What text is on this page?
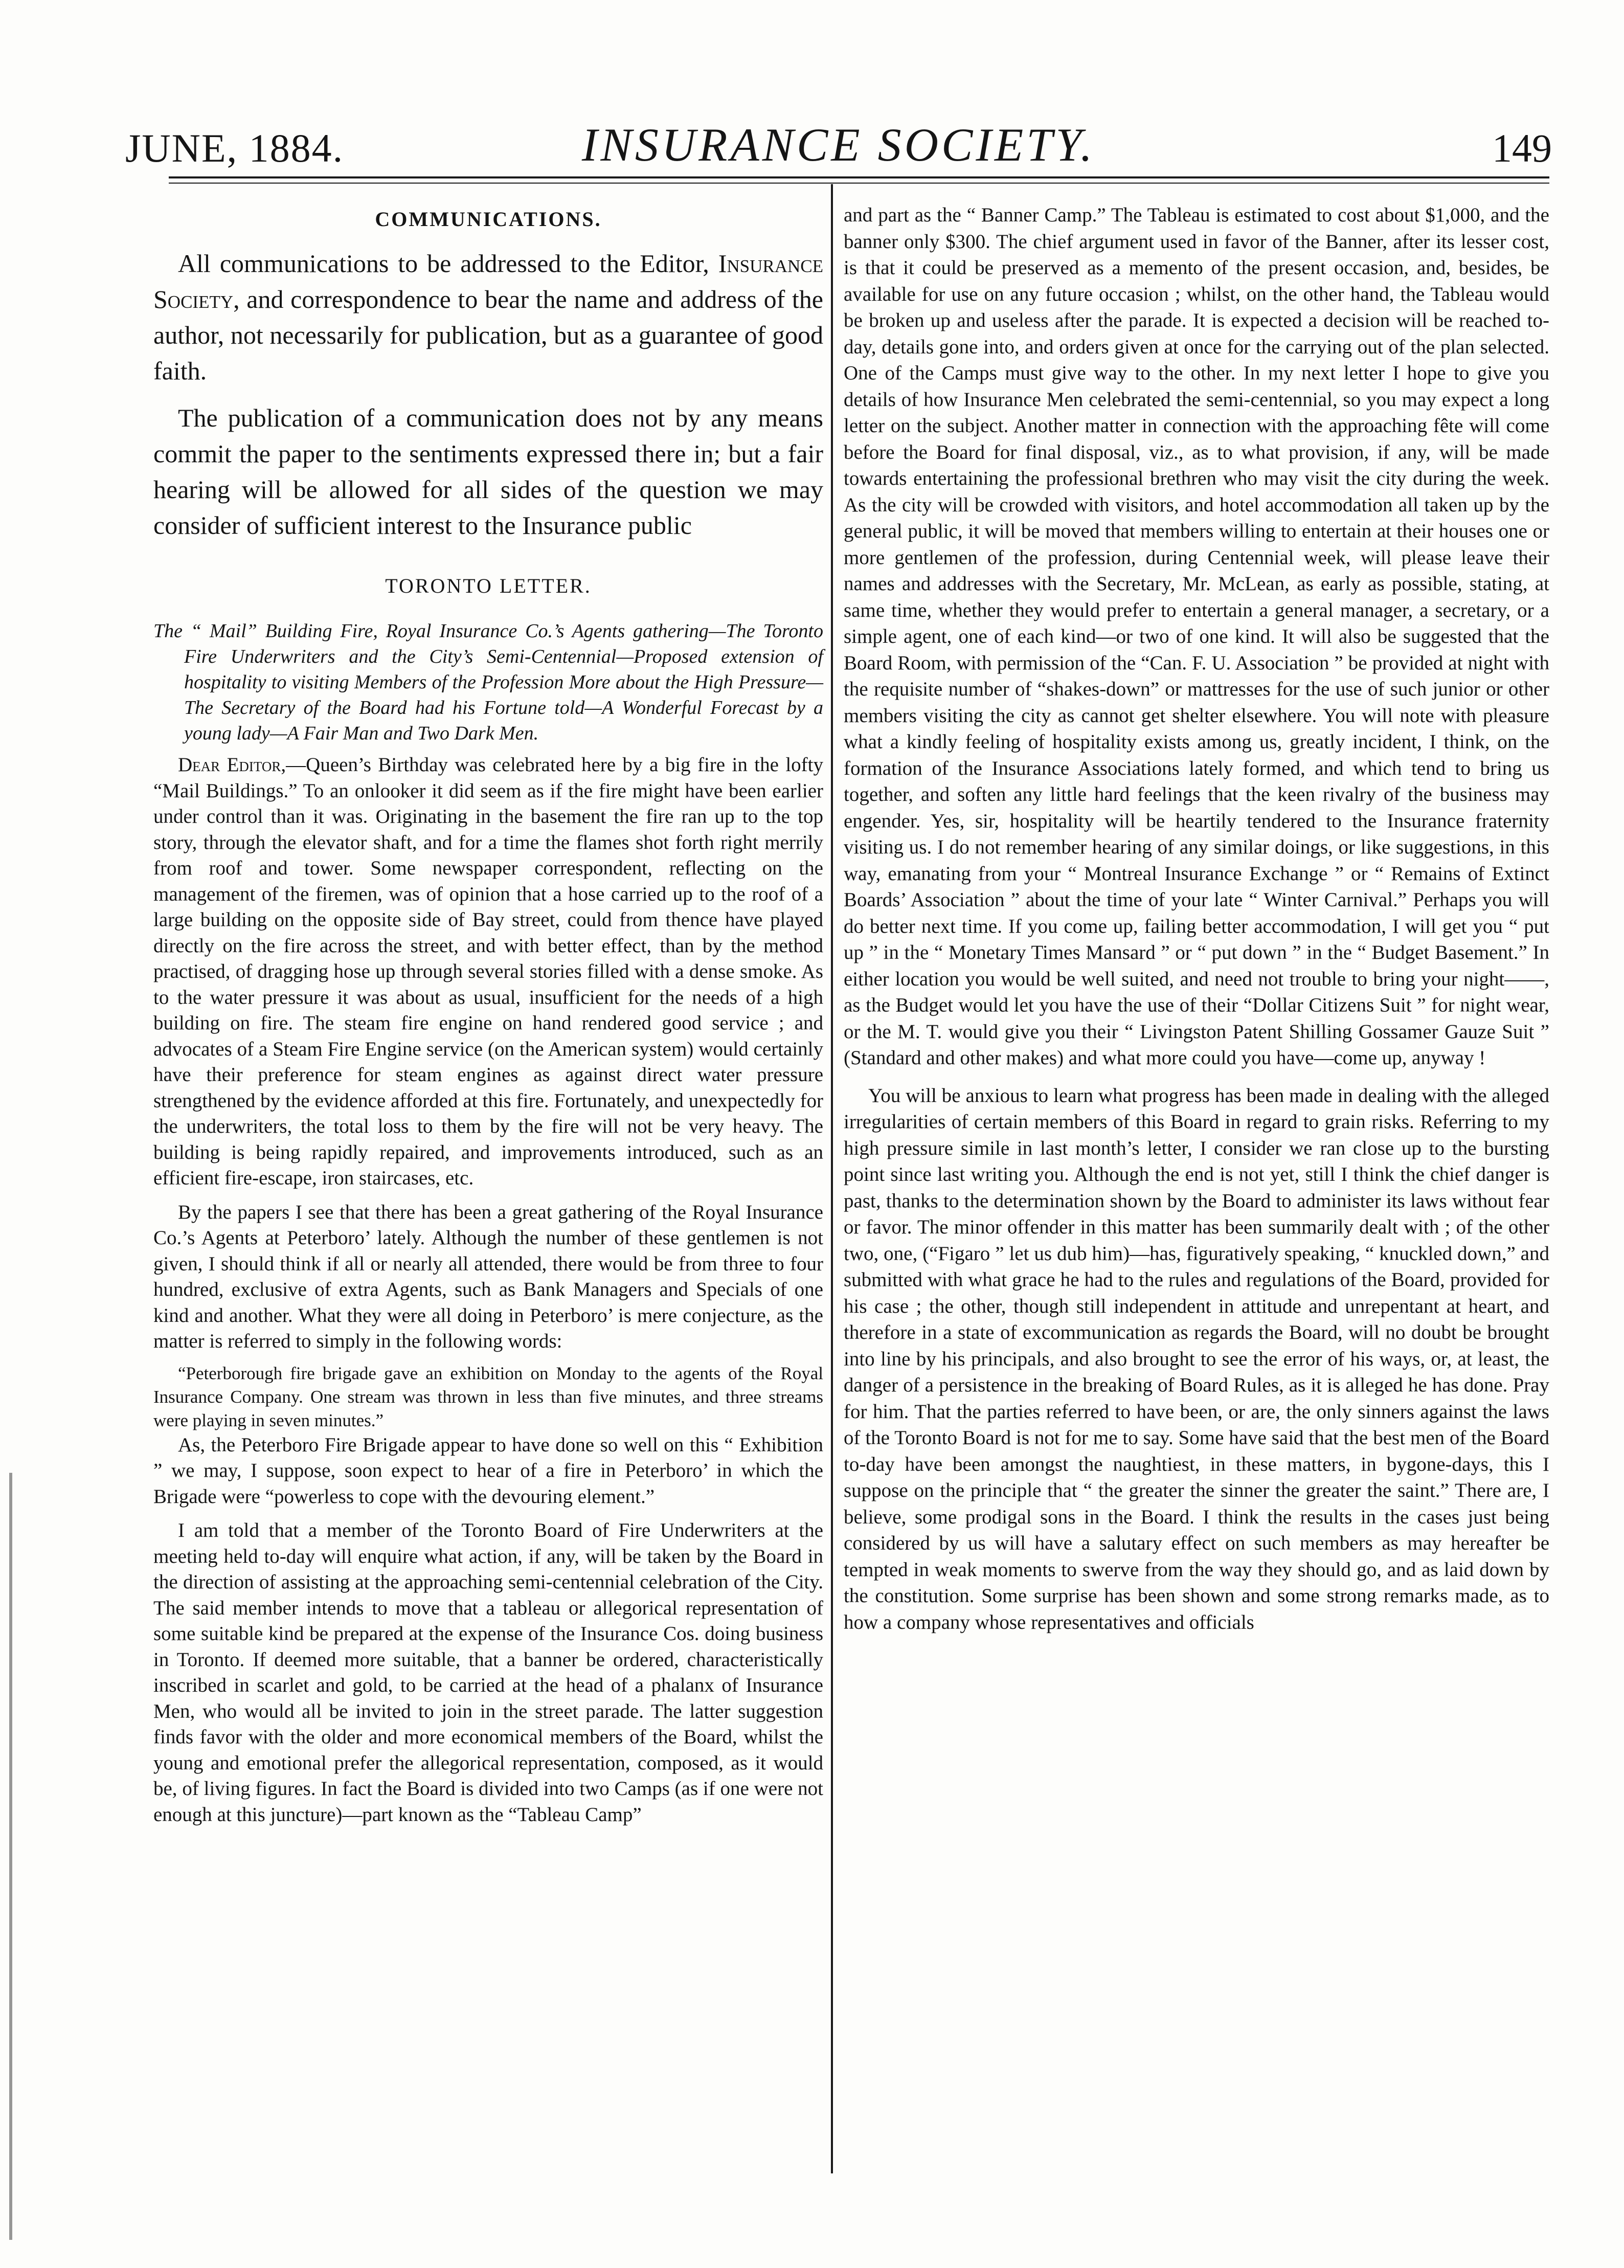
JUNE, 1884.	INSURANCE SOCIETY.	149
COMMUNICATIONS.

All communications to be addressed to the Editor, Insurance Society, and correspondence to bear the name and address of the author, not necessarily for publication, but as a guarantee of good faith.

The publication of a communication does not by any means commit the paper to the sentiments expressed there in; but a fair hearing will be allowed for all sides of the question we may consider of sufficient interest to the Insurance public

TORONTO LETTER.

The “ Mail” Building Fire, Royal Insurance Co.’s Agents gathering—The Toronto Fire Underwriters and the City’s Semi-Centennial—Proposed extension of hospitality to visiting Members of the Profession More about the High Pressure—The Secretary of the Board had his Fortune told—A Wonderful Forecast by a young lady—A Fair Man and Two Dark Men.

Dear Editor,—Queen’s Birthday was celebrated here by a big fire in the lofty “Mail Buildings.” To an onlooker it did seem as if the fire might have been earlier under control than it was. Originating in the basement the fire ran up to the top story, through the elevator shaft, and for a time the flames shot forth right merrily from roof and tower. Some newspaper correspondent, reflecting on the management of the firemen, was of opinion that a hose carried up to the roof of a large building on the opposite side of Bay street, could from thence have played directly on the fire across the street, and with better effect, than by the method practised, of dragging hose up through several stories filled with a dense smoke. As to the water pressure it was about as usual, insufficient for the needs of a high building on fire. The steam fire engine on hand rendered good service ; and advocates of a Steam Fire Engine service (on the American system) would certainly have their preference for steam engines as against direct water pressure strengthened by the evidence afforded at this fire. Fortunately, and unexpectedly for the underwriters, the total loss to them by the fire will not be very heavy. The building is being rapidly repaired, and improvements introduced, such as an efficient fire-escape, iron staircases, etc.

By the papers I see that there has been a great gathering of the Royal Insurance Co.’s Agents at Peterboro’ lately. Although the number of these gentlemen is not given, I should think if all or nearly all attended, there would be from three to four hundred, exclusive of extra Agents, such as Bank Managers and Specials of one kind and another. What they were all doing in Peterboro’ is mere conjecture, as the matter is referred to simply in the following words:

“Peterborough fire brigade gave an exhibition on Monday to the agents of the Royal Insurance Company. One stream was thrown in less than five minutes, and three streams were playing in seven minutes.”

As, the Peterboro Fire Brigade appear to have done so well on this “ Exhibition ” we may, I suppose, soon expect to hear of a fire in Peterboro’ in which the Brigade were “powerless to cope with the devouring element.”

I am told that a member of the Toronto Board of Fire Underwriters at the meeting held to-day will enquire what action, if any, will be taken by the Board in the direction of assisting at the approaching semi-centennial celebration of the City. The said member intends to move that a tableau or allegorical representation of some suitable kind be prepared at the expense of the Insurance Cos. doing business in Toronto. If deemed more suitable, that a banner be ordered, characteristically inscribed in scarlet and gold, to be carried at the head of a phalanx of Insurance Men, who would all be invited to join in the street parade. The latter suggestion finds favor with the older and more economical members of the Board, whilst the young and emotional prefer the allegorical representation, composed, as it would be, of living figures. In fact the Board is divided into two Camps (as if one were not enough at this juncture)—part known as the “Tableau Camp”

and part as the “ Banner Camp.” The Tableau is estimated to cost about $1,000, and the banner only $300. The chief argument used in favor of the Banner, after its lesser cost, is that it could be preserved as a memento of the present occasion, and, besides, be available for use on any future occasion ; whilst, on the other hand, the Tableau would be broken up and useless after the parade. It is expected a decision will be reached to-day, details gone into, and orders given at once for the carrying out of the plan selected. One of the Camps must give way to the other. In my next letter I hope to give you details of how Insurance Men celebrated the semi-centennial, so you may expect a long letter on the subject. Another matter in connection with the approaching fête will come before the Board for final disposal, viz., as to what provision, if any, will be made towards entertaining the professional brethren who may visit the city during the week. As the city will be crowded with visitors, and hotel accommodation all taken up by the general public, it will be moved that members willing to entertain at their houses one or more gentlemen of the profession, during Centennial week, will please leave their names and addresses with the Secretary, Mr. McLean, as early as possible, stating, at same time, whether they would prefer to entertain a general manager, a secretary, or a simple agent, one of each kind—or two of one kind. It will also be suggested that the Board Room, with permission of the “Can. F. U. Association ” be provided at night with the requisite number of “shakes-down” or mattresses for the use of such junior or other members visiting the city as cannot get shelter elsewhere. You will note with pleasure what a kindly feeling of hospitality exists among us, greatly incident, I think, on the formation of the Insurance Associations lately formed, and which tend to bring us together, and soften any little hard feelings that the keen rivalry of the business may engender. Yes, sir, hospitality will be heartily tendered to the Insurance fraternity visiting us. I do not remember hearing of any similar doings, or like suggestions, in this way, emanating from your “ Montreal Insurance Exchange ” or “ Remains of Extinct Boards’ Association ” about the time of your late “ Winter Carnival.” Perhaps you will do better next time. If you come up, failing better accommodation, I will get you “ put up ” in the “ Monetary Times Mansard ” or “ put down ” in the “ Budget Basement.” In either location you would be well suited, and need not trouble to bring your night——, as the Budget would let you have the use of their “Dollar Citizens Suit ” for night wear, or the M. T. would give you their “ Livingston Patent Shilling Gossamer Gauze Suit ” (Standard and other makes) and what more could you have—come up, anyway !

You will be anxious to learn what progress has been made in dealing with the alleged irregularities of certain members of this Board in regard to grain risks. Referring to my high pressure simile in last month’s letter, I consider we ran close up to the bursting point since last writing you. Although the end is not yet, still I think the chief danger is past, thanks to the determination shown by the Board to administer its laws without fear or favor. The minor offender in this matter has been summarily dealt with ; of the other two, one, (“Figaro ” let us dub him)—has, figuratively speaking, “ knuckled down,” and submitted with what grace he had to the rules and regulations of the Board, provided for his case ; the other, though still independent in attitude and unrepentant at heart, and therefore in a state of excommunication as regards the Board, will no doubt be brought into line by his principals, and also brought to see the error of his ways, or, at least, the danger of a persistence in the breaking of Board Rules, as it is alleged he has done. Pray for him. That the parties referred to have been, or are, the only sinners against the laws of the Toronto Board is not for me to say. Some have said that the best men of the Board to-day have been amongst the naughtiest, in these matters, in bygone-days, this I suppose on the principle that “ the greater the sinner the greater the saint.” There are, I believe, some prodigal sons in the Board. I think the results in the cases just being considered by us will have a salutary effect on such members as may hereafter be tempted in weak moments to swerve from the way they should go, and as laid down by the constitution. Some surprise has been shown and some strong remarks made, as to how a company whose representatives and officials
